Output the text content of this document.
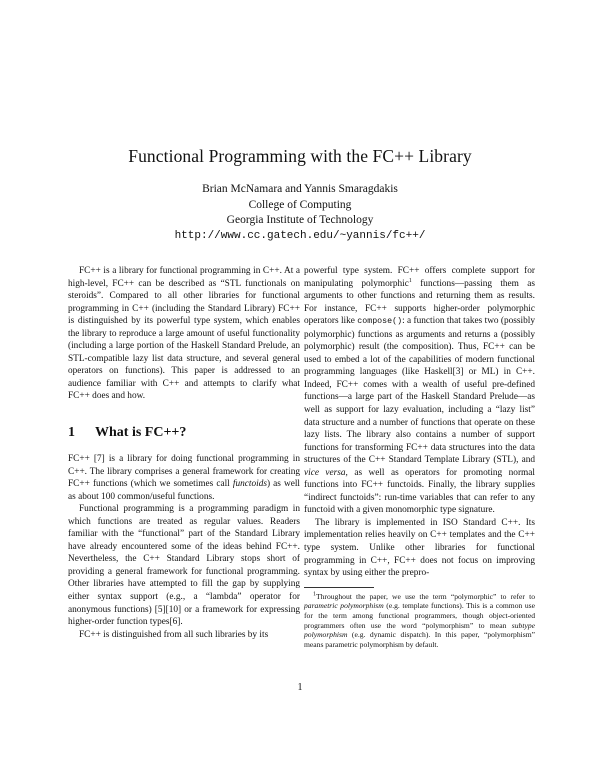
Functional Programming with the FC++ Library
Brian McNamara and Yannis Smaragdakis
College of Computing
Georgia Institute of Technology
http://www.cc.gatech.edu/~yannis/fc++/

FC++ is a library for functional programming in C++. At a high-level, FC++ can be described as “STL functionals on steroids”. Compared to all other libraries for functional programming in C++ (including the Standard Library) FC++ is distinguished by its powerful type system, which enables the library to reproduce a large amount of useful functionality (including a large portion of the Haskell Standard Prelude, an STL-compatible lazy list data structure, and several general operators on functions). This paper is addressed to an audience familiar with C++ and attempts to clarify what FC++ does and how.

1 What is FC++?

FC++ [7] is a library for doing functional programming in C++. The library comprises a general framework for creating FC++ functions (which we sometimes call functoids) as well as about 100 common/useful functions.

Functional programming is a programming paradigm in which functions are treated as regular values. Readers familiar with the “functional” part of the Standard Library have already encountered some of the ideas behind FC++. Nevertheless, the C++ Standard Library stops short of providing a general framework for functional programming. Other libraries have attempted to fill the gap by supplying either syntax support (e.g., a “lambda” operator for anonymous functions) [5][10] or a framework for expressing higher-order function types[6].

FC++ is distinguished from all such libraries by its

powerful type system. FC++ offers complete support for manipulating polymorphic$^1$ functions—passing them as arguments to other functions and returning them as results. For instance, FC++ supports higher-order polymorphic operators like compose(): a function that takes two (possibly polymorphic) functions as arguments and returns a (possibly polymorphic) result (the composition). Thus, FC++ can be used to embed a lot of the capabilities of modern functional programming languages (like Haskell[3] or ML) in C++. Indeed, FC++ comes with a wealth of useful pre-defined functions—a large part of the Haskell Standard Prelude—as well as support for lazy evaluation, including a “lazy list” data structure and a number of functions that operate on these lazy lists. The library also contains a number of support functions for transforming FC++ data structures into the data structures of the C++ Standard Template Library (STL), and vice versa, as well as operators for promoting normal functions into FC++ functoids. Finally, the library supplies “indirect functoids”: run-time variables that can refer to any functoid with a given monomorphic type signature.

The library is implemented in ISO Standard C++. Its implementation relies heavily on C++ templates and the C++ type system. Unlike other libraries for functional programming in C++, FC++ does not focus on improving syntax by using either the prepro-

$^1$Throughout the paper, we use the term “polymorphic” to refer to parametric polymorphism (e.g. template functions). This is a common use for the term among functional programmers, though object-oriented programmers often use the word “polymorphism” to mean subtype polymorphism (e.g. dynamic dispatch). In this paper, “polymorphism” means parametric polymorphism by default.

1
